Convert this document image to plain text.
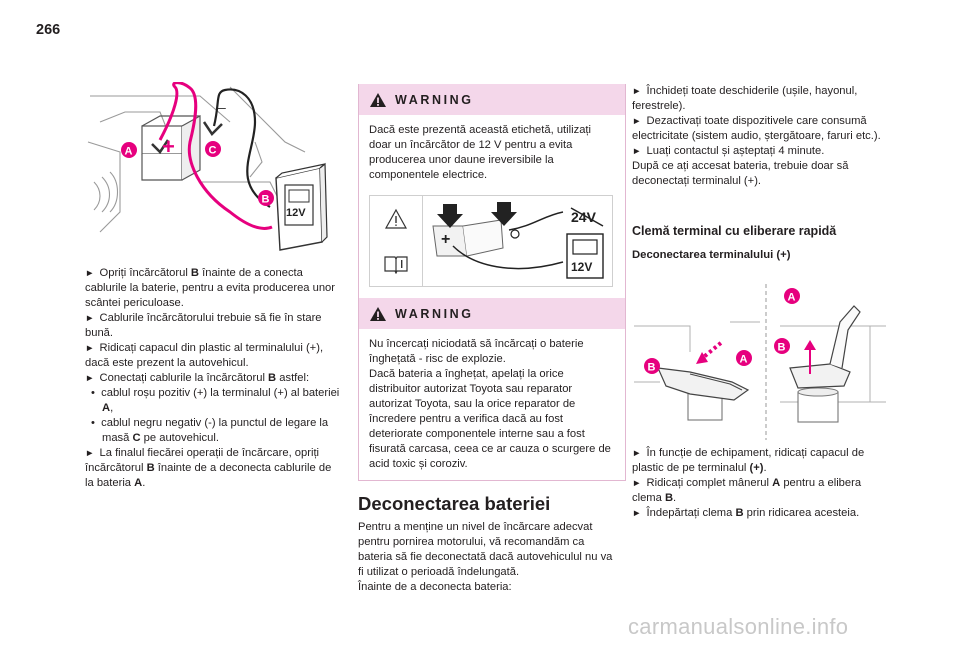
266
+
–
A	C
B
12V

► Opriți încărcătorul B înainte de a conecta cablurile la baterie, pentru a evita producerea unor scântei periculoase.

► Cablurile încărcătorului trebuie să fie în stare bună.

► Ridicați capacul din plastic al terminalului (+), dacă este prezent la autovehicul.

► Conectați cablurile la încărcătorul B astfel:

• cablul roșu pozitiv (+) la terminalul (+) al bateriei A,

• cablul negru negativ (-) la punctul de legare la masă C pe autovehicul.

► La finalul fiecărei operații de încărcare, opriți încărcătorul B înainte de a deconecta cablurile de la bateria A.

WARNING

Dacă este prezentă această etichetă, utilizați doar un încărcător de 12 V pentru a evita producerea unor daune ireversibile la componentele electrice.

+
24V
12V
WARNING

Nu încercați niciodată să încărcați o baterie înghețată - risc de explozie.

Dacă bateria a înghețat, apelați la orice distribuitor autorizat Toyota sau reparator autorizat Toyota, sau la orice reparator de încredere pentru a verifica dacă au fost deteriorate componentele interne sau a fost fisurată carcasa, ceea ce ar cauza o scurgere de acid toxic și coroziv.

Deconectarea bateriei

Pentru a menține un nivel de încărcare adecvat pentru pornirea motorului, vă recomandăm ca bateria să fie deconectată dacă autovehiculul nu va fi utilizat o perioadă îndelungată.

Înainte de a deconecta bateria:

► Închideți toate deschiderile (ușile, hayonul, ferestrele).

► Dezactivați toate dispozitivele care consumă electricitate (sistem audio, ștergătoare, faruri etc.).

► Luați contactul și așteptați 4 minute.

După ce ați accesat bateria, trebuie doar să deconectați terminalul (+).

Clemă terminal cu eliberare rapidă
Deconectarea terminalului (+)
A
B
A
B

► În funcție de echipament, ridicați capacul de plastic de pe terminalul (+).

► Ridicați complet mânerul A pentru a elibera clema B.

► Îndepărtați clema B prin ridicarea acesteia.

carmanualsonline.info
